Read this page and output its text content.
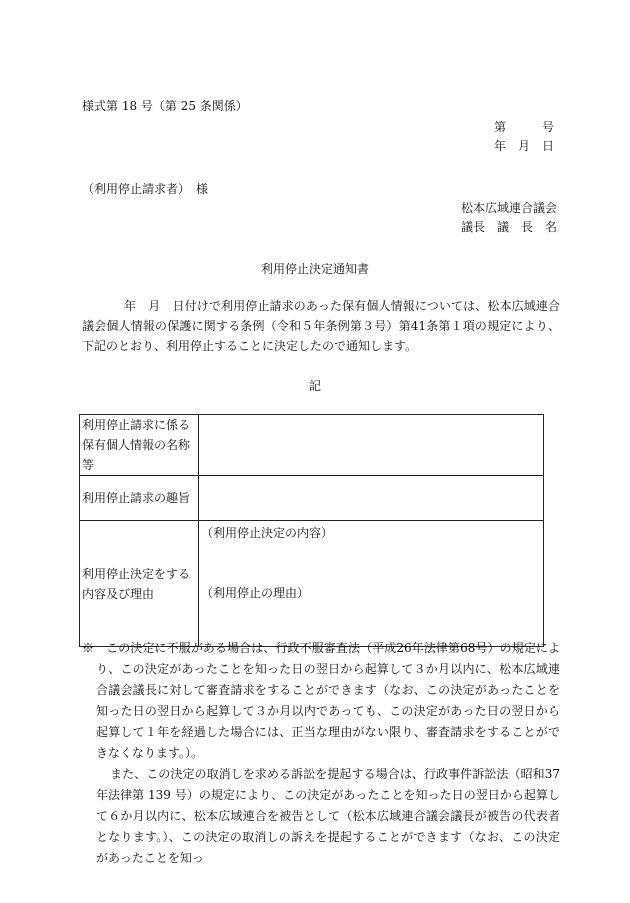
様式第 18 号（第 25 条関係）
第　　　号
年　月　日
（利用停止請求者）　様
松本広域連合議会
議長　議　長　名
利用停止決定通知書
年　月　日付けで利用停止請求のあった保有個人情報については、松本広域連合議会個人情報の保護に関する条例（令和５年条例第３号）第41条第１項の規定により、下記のとおり、利用停止することに決定したので通知します。
記
利用停止請求に係る保有個人情報の名称等	
利用停止請求の趣旨	
利用停止決定をする内容及び理由	（利用停止決定の内容）
（利用停止の理由）

※　この決定に不服がある場合は、行政不服審査法（平成26年法律第68号）の規定により、この決定があったことを知った日の翌日から起算して３か月以内に、松本広域連合議会議長に対して審査請求をすることができます（なお、この決定があったことを知った日の翌日から起算して３か月以内であっても、この決定があった日の翌日から起算して１年を経過した場合には、正当な理由がない限り、審査請求をすることができなくなります。）。

また、この決定の取消しを求める訴訟を提起する場合は、行政事件訴訟法（昭和37年法律第 139 号）の規定により、この決定があったことを知った日の翌日から起算して６か月以内に、松本広域連合を被告として（松本広域連合議会議長が被告の代表者となります。）、この決定の取消しの訴えを提起することができます（なお、この決定があったことを知っ
